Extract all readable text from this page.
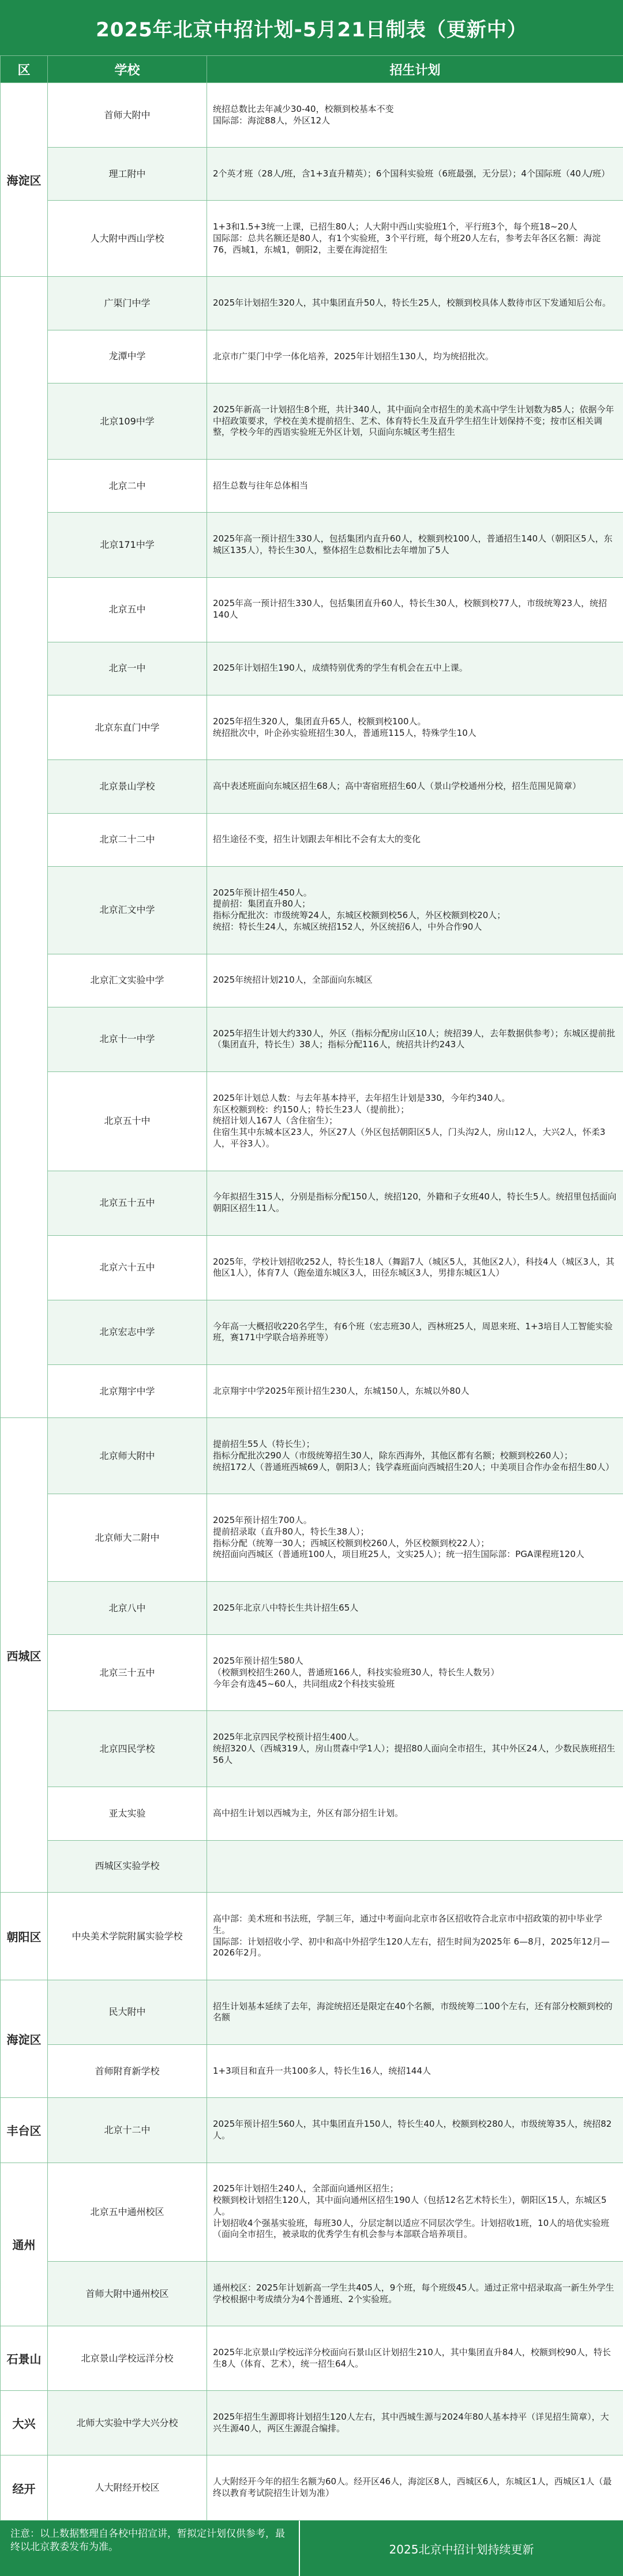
2025年北京中招计划-5月21日制表（更新中）
区	学校	招生计划
海淀区	首师大附中	统招总数比去年减少30-40，校额到校基本不变
国际部：海淀88人，外区12人
	理工附中	2个英才班（28人/班，含1+3直升精英）；6个国科实验班（6班最强，无分层）；4个国际班（40人/班）
	人大附中西山学校	1+3和1.5+3统一上课，已招生80人；人大附中西山实验班1个，平行班3个，每个班18~20人
国际部：总共名额还是80人，有1个实验班，3个平行班，每个班20人左右，参考去年各区名额：海淀76，西城1，东城1，朝阳2，主要在海淀招生
	广渠门中学	2025年计划招生320人，其中集团直升50人，特长生25人，校额到校具体人数待市区下发通知后公布。
	龙潭中学	北京市广渠门中学一体化培养，2025年计划招生130人，均为统招批次。
	北京109中学	2025年新高一计划招生8个班，共计340人，其中面向全市招生的美术高中学生计划数为85人；依据今年中招政策要求，学校在美术提前招生、艺术、体育特长生及直升学生招生计划保持不变；按市区相关调整，学校今年的西语实验班无外区计划，只面向东城区考生招生
	北京二中	招生总数与往年总体相当
	北京171中学	2025年高一预计招生330人，包括集团内直升60人，校额到校100人，普通招生140人（朝阳区5人，东城区135人），特长生30人，整体招生总数相比去年增加了5人
	北京五中	2025年高一预计招生330人，包括集团直升60人，特长生30人，校额到校77人，市级统筹23人，统招140人
	北京一中	2025年计划招生190人，成绩特别优秀的学生有机会在五中上课。
	北京东直门中学	2025年招生320人，集团直升65人，校额到校100人。
统招批次中，叶企孙实验班招生30人，普通班115人，特殊学生10人
	北京景山学校	高中表述班面向东城区招生68人；高中寄宿班招生60人（景山学校通州分校，招生范围见简章）
	北京二十二中	招生途径不变，招生计划跟去年相比不会有太大的变化
	北京汇文中学	2025年预计招生450人。
提前招：集团直升80人；
指标分配批次：市级统筹24人，东城区校额到校56人，外区校额到校20人；
统招：特长生24人，东城区统招152人，外区统招6人，中外合作90人
	北京汇文实验中学	2025年统招计划210人，全部面向东城区
	北京十一中学	2025年招生计划大约330人，外区（指标分配房山区10人；统招39人，去年数据供参考）；东城区提前批（集团直升，特长生）38人；指标分配116人，统招共计约243人
	北京五十中	2025年计划总人数：与去年基本持平，去年招生计划是330，今年约340人。
东区校额到校：约150人；特长生23人（提前批）；
统招计划人167人（含住宿生）；
住宿生其中东城本区23人，外区27人（外区包括朝阳区5人，门头沟2人，房山12人，大兴2人，怀柔3人，平谷3人）。
	北京五十五中	今年拟招生315人，分别是指标分配150人，统招120，外籍和子女班40人，特长生5人。统招里包括面向朝阳区招生11人。
	北京六十五中	2025年，学校计划招收252人，特长生18人（舞蹈7人（城区5人，其他区2人），科技4人（城区3人，其他区1人），体育7人（跑垒道东城区3人，田径东城区3人，男排东城区1人）
	北京宏志中学	今年高一大概招收220名学生，有6个班（宏志班30人，西林班25人，周恩来班、1+3培目人工智能实验班，赛171中学联合培养班等）
	北京翔宇中学	北京翔宇中学2025年预计招生230人，东城150人，东城以外80人
西城区	北京师大附中	提前招生55人（特长生）；
指标分配批次290人（市级统筹招生30人，除东西海外，其他区都有名额；校额到校260人）；
统招172人（普通班西城69人，朝阳3人；钱学森班面向西城招生20人；中美项目合作办金布招生80人）
	北京师大二附中	2025年预计招生700人。
提前招录取（直升80人，特长生38人）；
指标分配（统筹一30人；西城区校额到校260人，外区校额到校22人）；
统招面向西城区（普通班100人，项目班25人，文实25人）；统一招生国际部：PGA课程班120人
	北京八中	2025年北京八中特长生共计招生65人
	北京三十五中	2025年预计招生580人
（校额到校招生260人，普通班166人，科技实验班30人，特长生人数另）
今年会有选45~60人，共同组成2个科技实验班
	北京四民学校	2025年北京四民学校预计招生400人。
统招320人（西城319人，房山贯森中学1人）；提招80人面向全市招生，其中外区24人，少数民族班招生56人
	亚太实验	高中招生计划以西城为主，外区有部分招生计划。
	西城区实验学校	
朝阳区	中央美术学院附属实验学校	高中部：美术班和书法班，学制三年，通过中考面向北京市各区招收符合北京市中招政策的初中毕业学生。
国际部：计划招收小学、初中和高中外招学生120人左右，招生时间为2025年 6—8月，2025年12月—2026年2月。
海淀区	民大附中	招生计划基本延续了去年，海淀统招还是限定在40个名额，市级统筹二100个左右，还有部分校额到校的名额
	首师附育新学校	1+3项目和直升一共100多人，特长生16人，统招144人
丰台区	北京十二中	2025年预计招生560人，其中集团直升150人，特长生40人，校额到校280人，市级统筹35人，统招82人。
通州	北京五中通州校区	2025年计划招生240人，全部面向通州区招生；
校额到校计划招生120人，其中面向通州区招生190人（包括12名艺术特长生），朝阳区15人，东城区5人。
计划招收4个强基实验班，每班30人，分层定制以适应不同层次学生。计划招收1班，10人的培优实验班（面向全市招生，被录取的优秀学生有机会参与本部联合培养项目。
	首师大附中通州校区	通州校区：2025年计划新高一学生共405人，9个班，每个班级45人。通过正常中招录取高一新生外学生学校根据中考成绩分为4个普通班、2个实验班。
石景山	北京景山学校远洋分校	2025年北京景山学校远洋分校面向石景山区计划招生210人，其中集团直升84人，校额到校90人，特长生8人（体育、艺术），统一招生64人。
大兴	北师大实验中学大兴分校	2025年招生生源即将计划招生120人左右，其中西城生源与2024年80人基本持平（详见招生简章），大兴生源40人，两区生源混合编排。
经开	人大附经开校区	人大附经开今年的招生名额为60人。经开区46人，海淀区8人，西城区6人，东城区1人，西城区1人（最终以教育考试院招生计划为准）
注意：以上数据整理自各校中招宣讲，暂拟定计划仅供参考，最终以北京教委发布为准。	2025北京中招计划持续更新
